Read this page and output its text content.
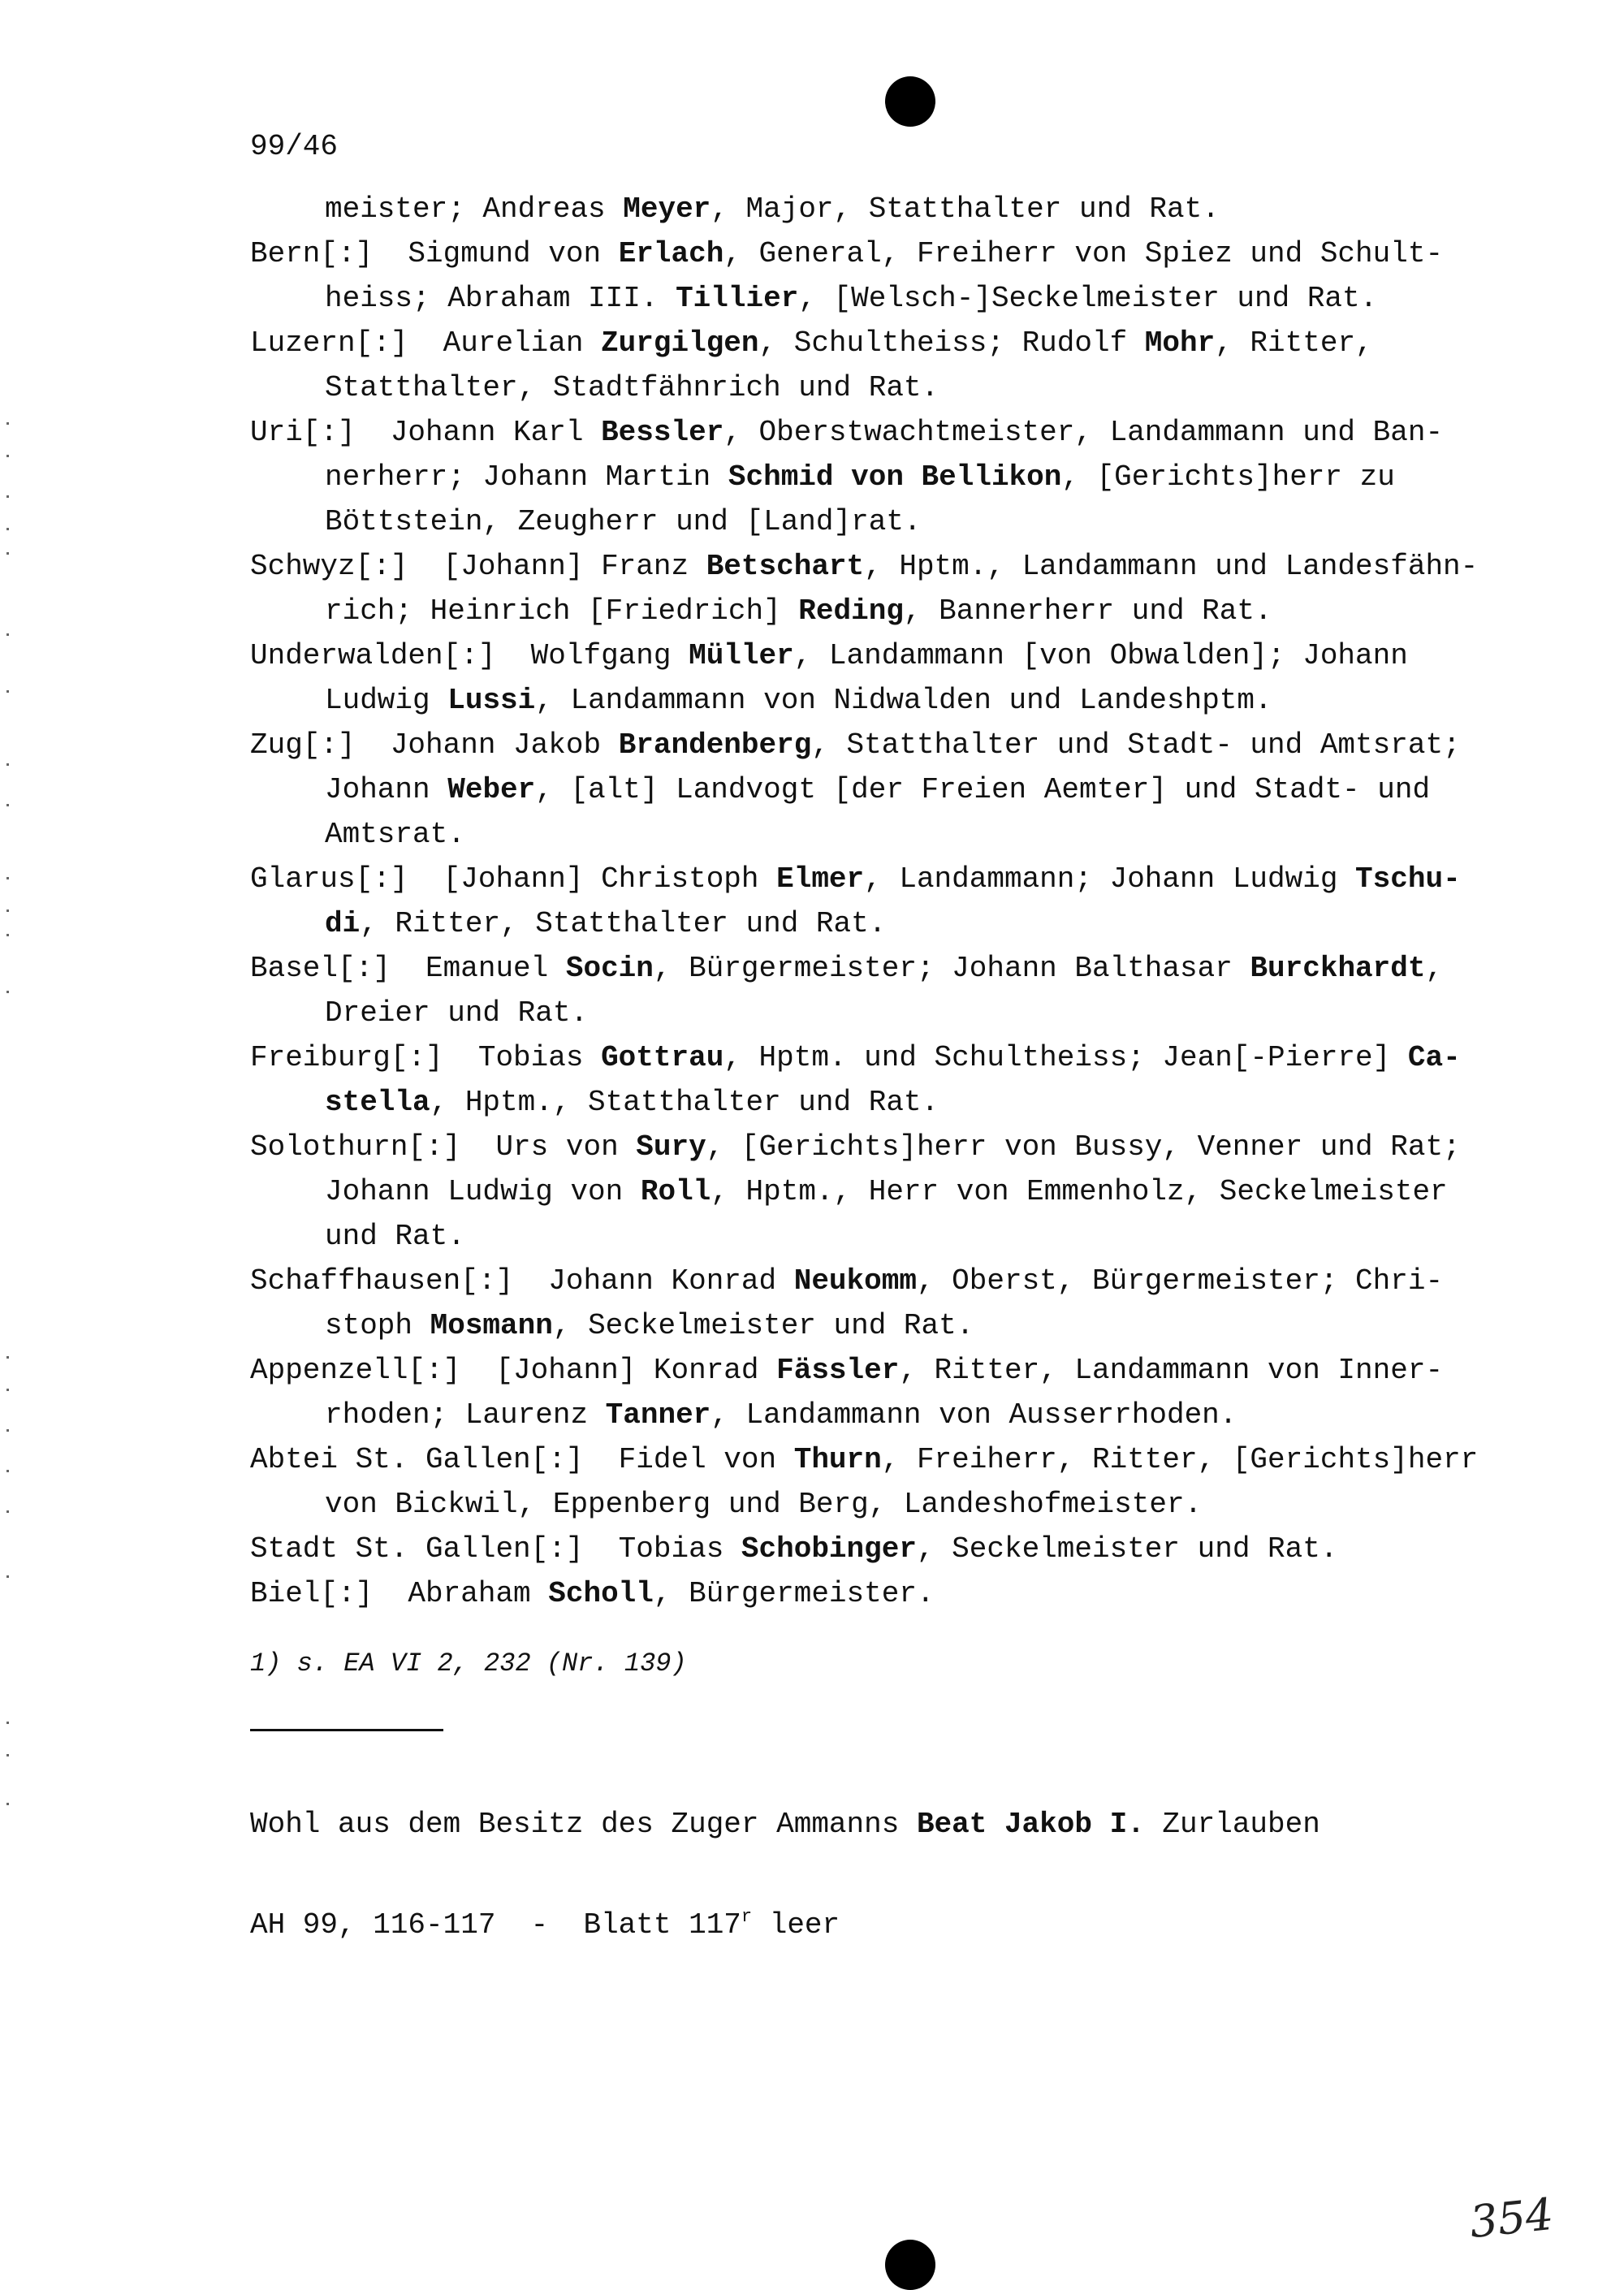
99/46
meister; Andreas Meyer, Major, Statthalter und Rat.
Bern[:]  Sigmund von Erlach, General, Freiherr von Spiez und Schult-
heiss; Abraham III. Tillier, [Welsch-]Seckelmeister und Rat.
Luzern[:]  Aurelian Zurgilgen, Schultheiss; Rudolf Mohr, Ritter,
Statthalter, Stadtfähnrich und Rat.
Uri[:]  Johann Karl Bessler, Oberstwachtmeister, Landammann und Ban-
nerherr; Johann Martin Schmid von Bellikon, [Gerichts]herr zu
Böttstein, Zeugherr und [Land]rat.
Schwyz[:]  [Johann] Franz Betschart, Hptm., Landammann und Landesfähn-
rich; Heinrich [Friedrich] Reding, Bannerherr und Rat.
Underwalden[:]  Wolfgang Müller, Landammann [von Obwalden]; Johann
Ludwig Lussi, Landammann von Nidwalden und Landeshptm.
Zug[:]  Johann Jakob Brandenberg, Statthalter und Stadt- und Amtsrat;
Johann Weber, [alt] Landvogt [der Freien Aemter] und Stadt- und
Amtsrat.
Glarus[:]  [Johann] Christoph Elmer, Landammann; Johann Ludwig Tschu-
di, Ritter, Statthalter und Rat.
Basel[:]  Emanuel Socin, Bürgermeister; Johann Balthasar Burckhardt,
Dreier und Rat.
Freiburg[:]  Tobias Gottrau, Hptm. und Schultheiss; Jean[-Pierre] Ca-
stella, Hptm., Statthalter und Rat.
Solothurn[:]  Urs von Sury, [Gerichts]herr von Bussy, Venner und Rat;
Johann Ludwig von Roll, Hptm., Herr von Emmenholz, Seckelmeister
und Rat.
Schaffhausen[:]  Johann Konrad Neukomm, Oberst, Bürgermeister; Chri-
stoph Mosmann, Seckelmeister und Rat.
Appenzell[:]  [Johann] Konrad Fässler, Ritter, Landammann von Inner-
rhoden; Laurenz Tanner, Landammann von Ausserrhoden.
Abtei St. Gallen[:]  Fidel von Thurn, Freiherr, Ritter, [Gerichts]herr
von Bickwil, Eppenberg und Berg, Landeshofmeister.
Stadt St. Gallen[:]  Tobias Schobinger, Seckelmeister und Rat.
Biel[:]  Abraham Scholl, Bürgermeister.
1) s. EA VI 2, 232 (Nr. 139)

Wohl aus dem Besitz des Zuger Ammanns Beat Jakob I. Zurlauben

AH 99, 116-117  -  Blatt 117$^r$ leer

354
